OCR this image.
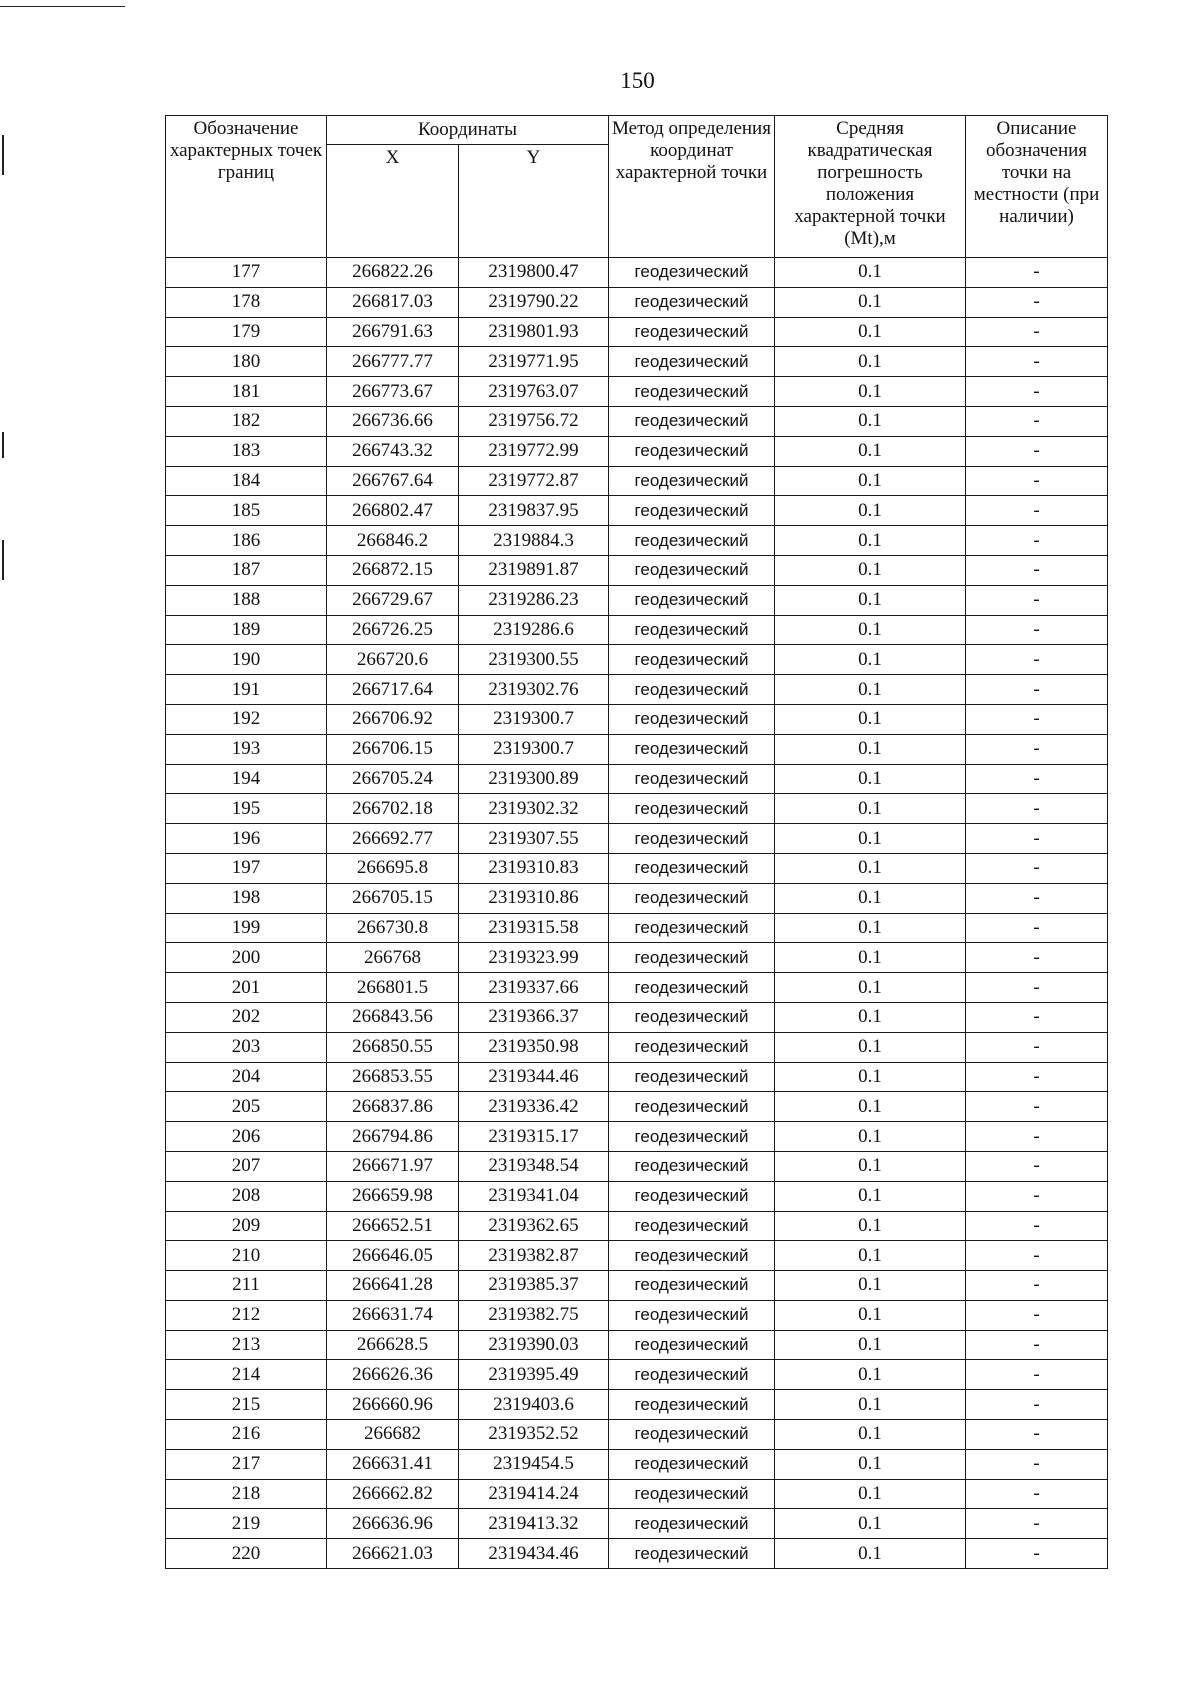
150
Обозначение характерных точек границ	Координаты		Метод определения координат характерной точки	Средняя квадратическая погрешность положения характерной точки (Mt),м	Описание обозначения точки на местности (при наличии)
	X	Y			
177	266822.26	2319800.47	геодезический	0.1	-
178	266817.03	2319790.22	геодезический	0.1	-
179	266791.63	2319801.93	геодезический	0.1	-
180	266777.77	2319771.95	геодезический	0.1	-
181	266773.67	2319763.07	геодезический	0.1	-
182	266736.66	2319756.72	геодезический	0.1	-
183	266743.32	2319772.99	геодезический	0.1	-
184	266767.64	2319772.87	геодезический	0.1	-
185	266802.47	2319837.95	геодезический	0.1	-
186	266846.2	2319884.3	геодезический	0.1	-
187	266872.15	2319891.87	геодезический	0.1	-
188	266729.67	2319286.23	геодезический	0.1	-
189	266726.25	2319286.6	геодезический	0.1	-
190	266720.6	2319300.55	геодезический	0.1	-
191	266717.64	2319302.76	геодезический	0.1	-
192	266706.92	2319300.7	геодезический	0.1	-
193	266706.15	2319300.7	геодезический	0.1	-
194	266705.24	2319300.89	геодезический	0.1	-
195	266702.18	2319302.32	геодезический	0.1	-
196	266692.77	2319307.55	геодезический	0.1	-
197	266695.8	2319310.83	геодезический	0.1	-
198	266705.15	2319310.86	геодезический	0.1	-
199	266730.8	2319315.58	геодезический	0.1	-
200	266768	2319323.99	геодезический	0.1	-
201	266801.5	2319337.66	геодезический	0.1	-
202	266843.56	2319366.37	геодезический	0.1	-
203	266850.55	2319350.98	геодезический	0.1	-
204	266853.55	2319344.46	геодезический	0.1	-
205	266837.86	2319336.42	геодезический	0.1	-
206	266794.86	2319315.17	геодезический	0.1	-
207	266671.97	2319348.54	геодезический	0.1	-
208	266659.98	2319341.04	геодезический	0.1	-
209	266652.51	2319362.65	геодезический	0.1	-
210	266646.05	2319382.87	геодезический	0.1	-
211	266641.28	2319385.37	геодезический	0.1	-
212	266631.74	2319382.75	геодезический	0.1	-
213	266628.5	2319390.03	геодезический	0.1	-
214	266626.36	2319395.49	геодезический	0.1	-
215	266660.96	2319403.6	геодезический	0.1	-
216	266682	2319352.52	геодезический	0.1	-
217	266631.41	2319454.5	геодезический	0.1	-
218	266662.82	2319414.24	геодезический	0.1	-
219	266636.96	2319413.32	геодезический	0.1	-
220	266621.03	2319434.46	геодезический	0.1	-
